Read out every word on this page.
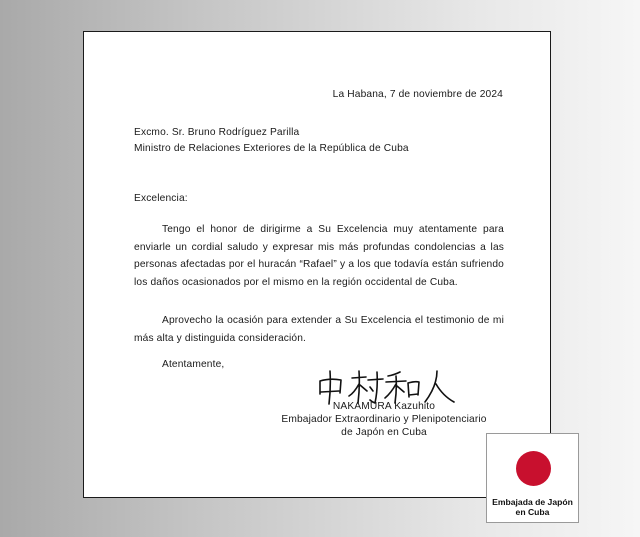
La Habana, 7 de noviembre de 2024
Excmo. Sr. Bruno Rodríguez Parilla
Ministro de Relaciones Exteriores de la República de Cuba
Excelencia:

Tengo el honor de dirigirme a Su Excelencia muy atentamente para enviarle un cordial saludo y expresar mis más profundas condolencias a las personas afectadas por el huracán “Rafael” y a los que todavía están sufriendo los daños ocasionados por el mismo en la región occidental de Cuba.

Aprovecho la ocasión para extender a Su Excelencia el testimonio de mi más alta y distinguida consideración.

Atentamente,
NAKAMURA Kazuhito
Embajador Extraordinario y Plenipotenciario
de Japón en Cuba
Embajada de Japón
en Cuba
